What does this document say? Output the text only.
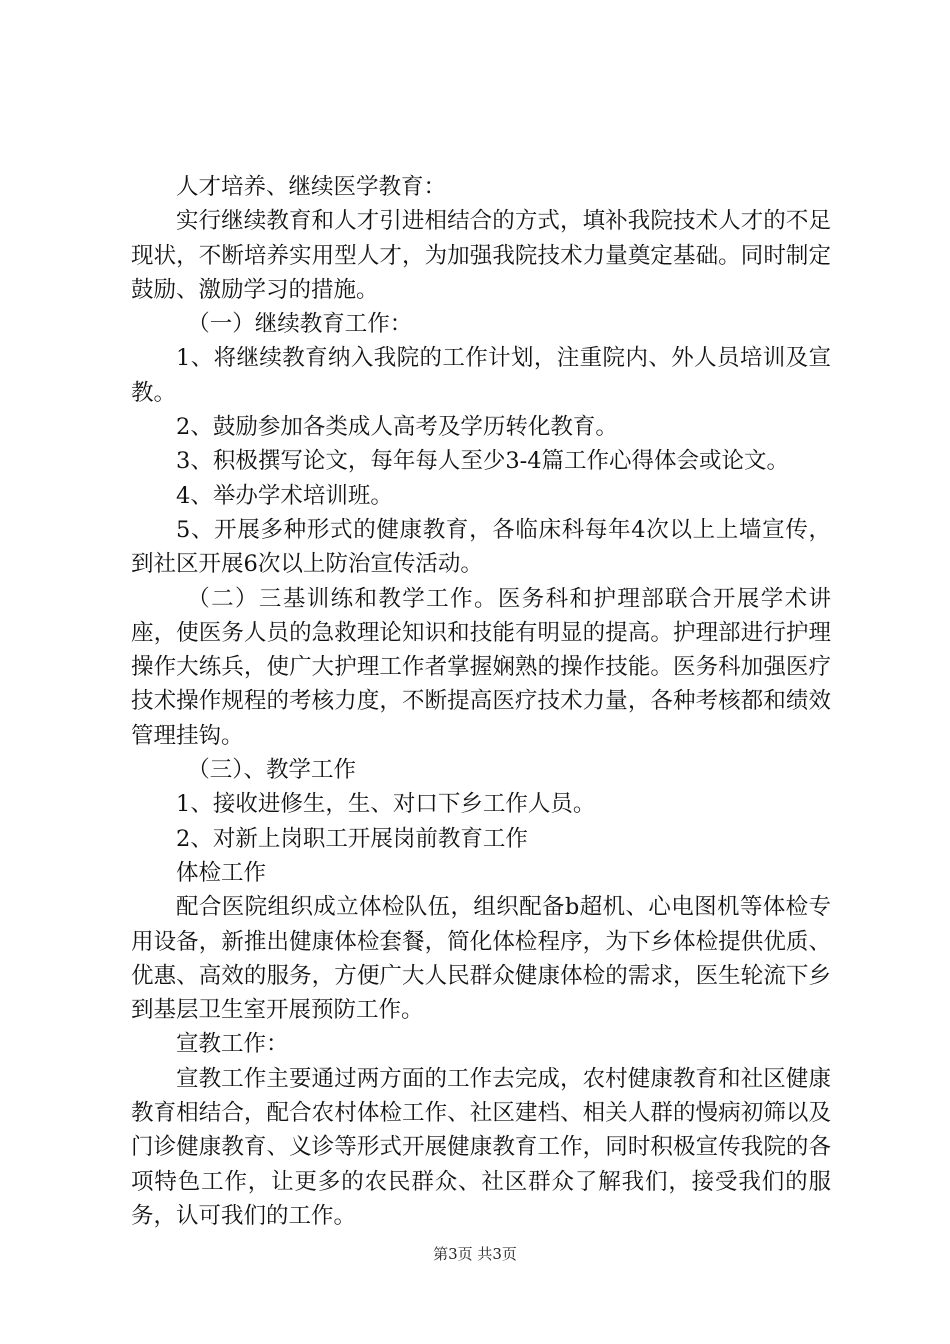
人才培养、继续医学教育：

实行继续教育和人才引进相结合的方式，填补我院技术人才的不足现状，不断培养实用型人才，为加强我院技术力量奠定基础。同时制定鼓励、激励学习的措施。

（一）继续教育工作：

1、将继续教育纳入我院的工作计划，注重院内、外人员培训及宣教。

2、鼓励参加各类成人高考及学历转化教育。

3、积极撰写论文，每年每人至少3-4篇工作心得体会或论文。

4、举办学术培训班。

5、开展多种形式的健康教育，各临床科每年4次以上上墙宣传，到社区开展6次以上防治宣传活动。

（二）三基训练和教学工作。医务科和护理部联合开展学术讲座，使医务人员的急救理论知识和技能有明显的提高。护理部进行护理操作大练兵，使广大护理工作者掌握娴熟的操作技能。医务科加强医疗技术操作规程的考核力度，不断提高医疗技术力量，各种考核都和绩效管理挂钩。

（三）、教学工作

1、接收进修生，生、对口下乡工作人员。

2、对新上岗职工开展岗前教育工作

体检工作

配合医院组织成立体检队伍，组织配备b超机、心电图机等体检专用设备，新推出健康体检套餐，简化体检程序，为下乡体检提供优质、优惠、高效的服务，方便广大人民群众健康体检的需求，医生轮流下乡到基层卫生室开展预防工作。

宣教工作：

宣教工作主要通过两方面的工作去完成，农村健康教育和社区健康教育相结合，配合农村体检工作、社区建档、相关人群的慢病初筛以及门诊健康教育、义诊等形式开展健康教育工作，同时积极宣传我院的各项特色工作，让更多的农民群众、社区群众了解我们，接受我们的服务，认可我们的工作。

第3页 共3页
